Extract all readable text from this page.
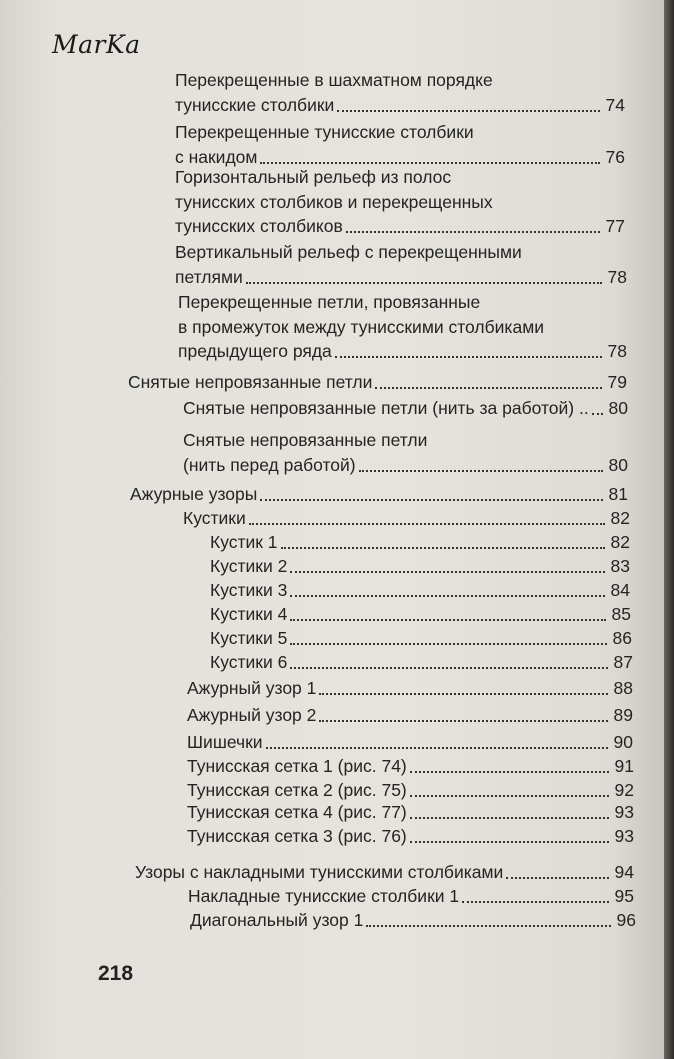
MarKa
Перекрещенные в шахматном порядке
тунисские столбики	74
Перекрещенные тунисские столбики
с накидом	76
Горизонтальный рельеф из полос
тунисских столбиков и перекрещенных
тунисских столбиков	77
Вертикальный рельеф с перекрещенными
петлями	78
Перекрещенные петли, провязанные
в промежуток между тунисскими столбиками
предыдущего ряда	78
Снятые непровязанные петли	79
Снятые непровязанные петли (нить за работой) .. 80
Снятые непровязанные петли
(нить перед работой)	80
Ажурные узоры	81
Кустики	82
Кустик 1	82
Кустики 2	83
Кустики 3	84
Кустики 4	85
Кустики 5	86
Кустики 6	87
Ажурный узор 1	88
Ажурный узор 2	89
Шишечки	90
Тунисская сетка 1 (рис. 74)	91
Тунисская сетка 2 (рис. 75)	92
Тунисская сетка 4 (рис. 77)	93
Тунисская сетка 3 (рис. 76)	93
Узоры с накладными тунисскими столбиками	94
Накладные тунисские столбики 1	95
Диагональный узор 1	96
218
